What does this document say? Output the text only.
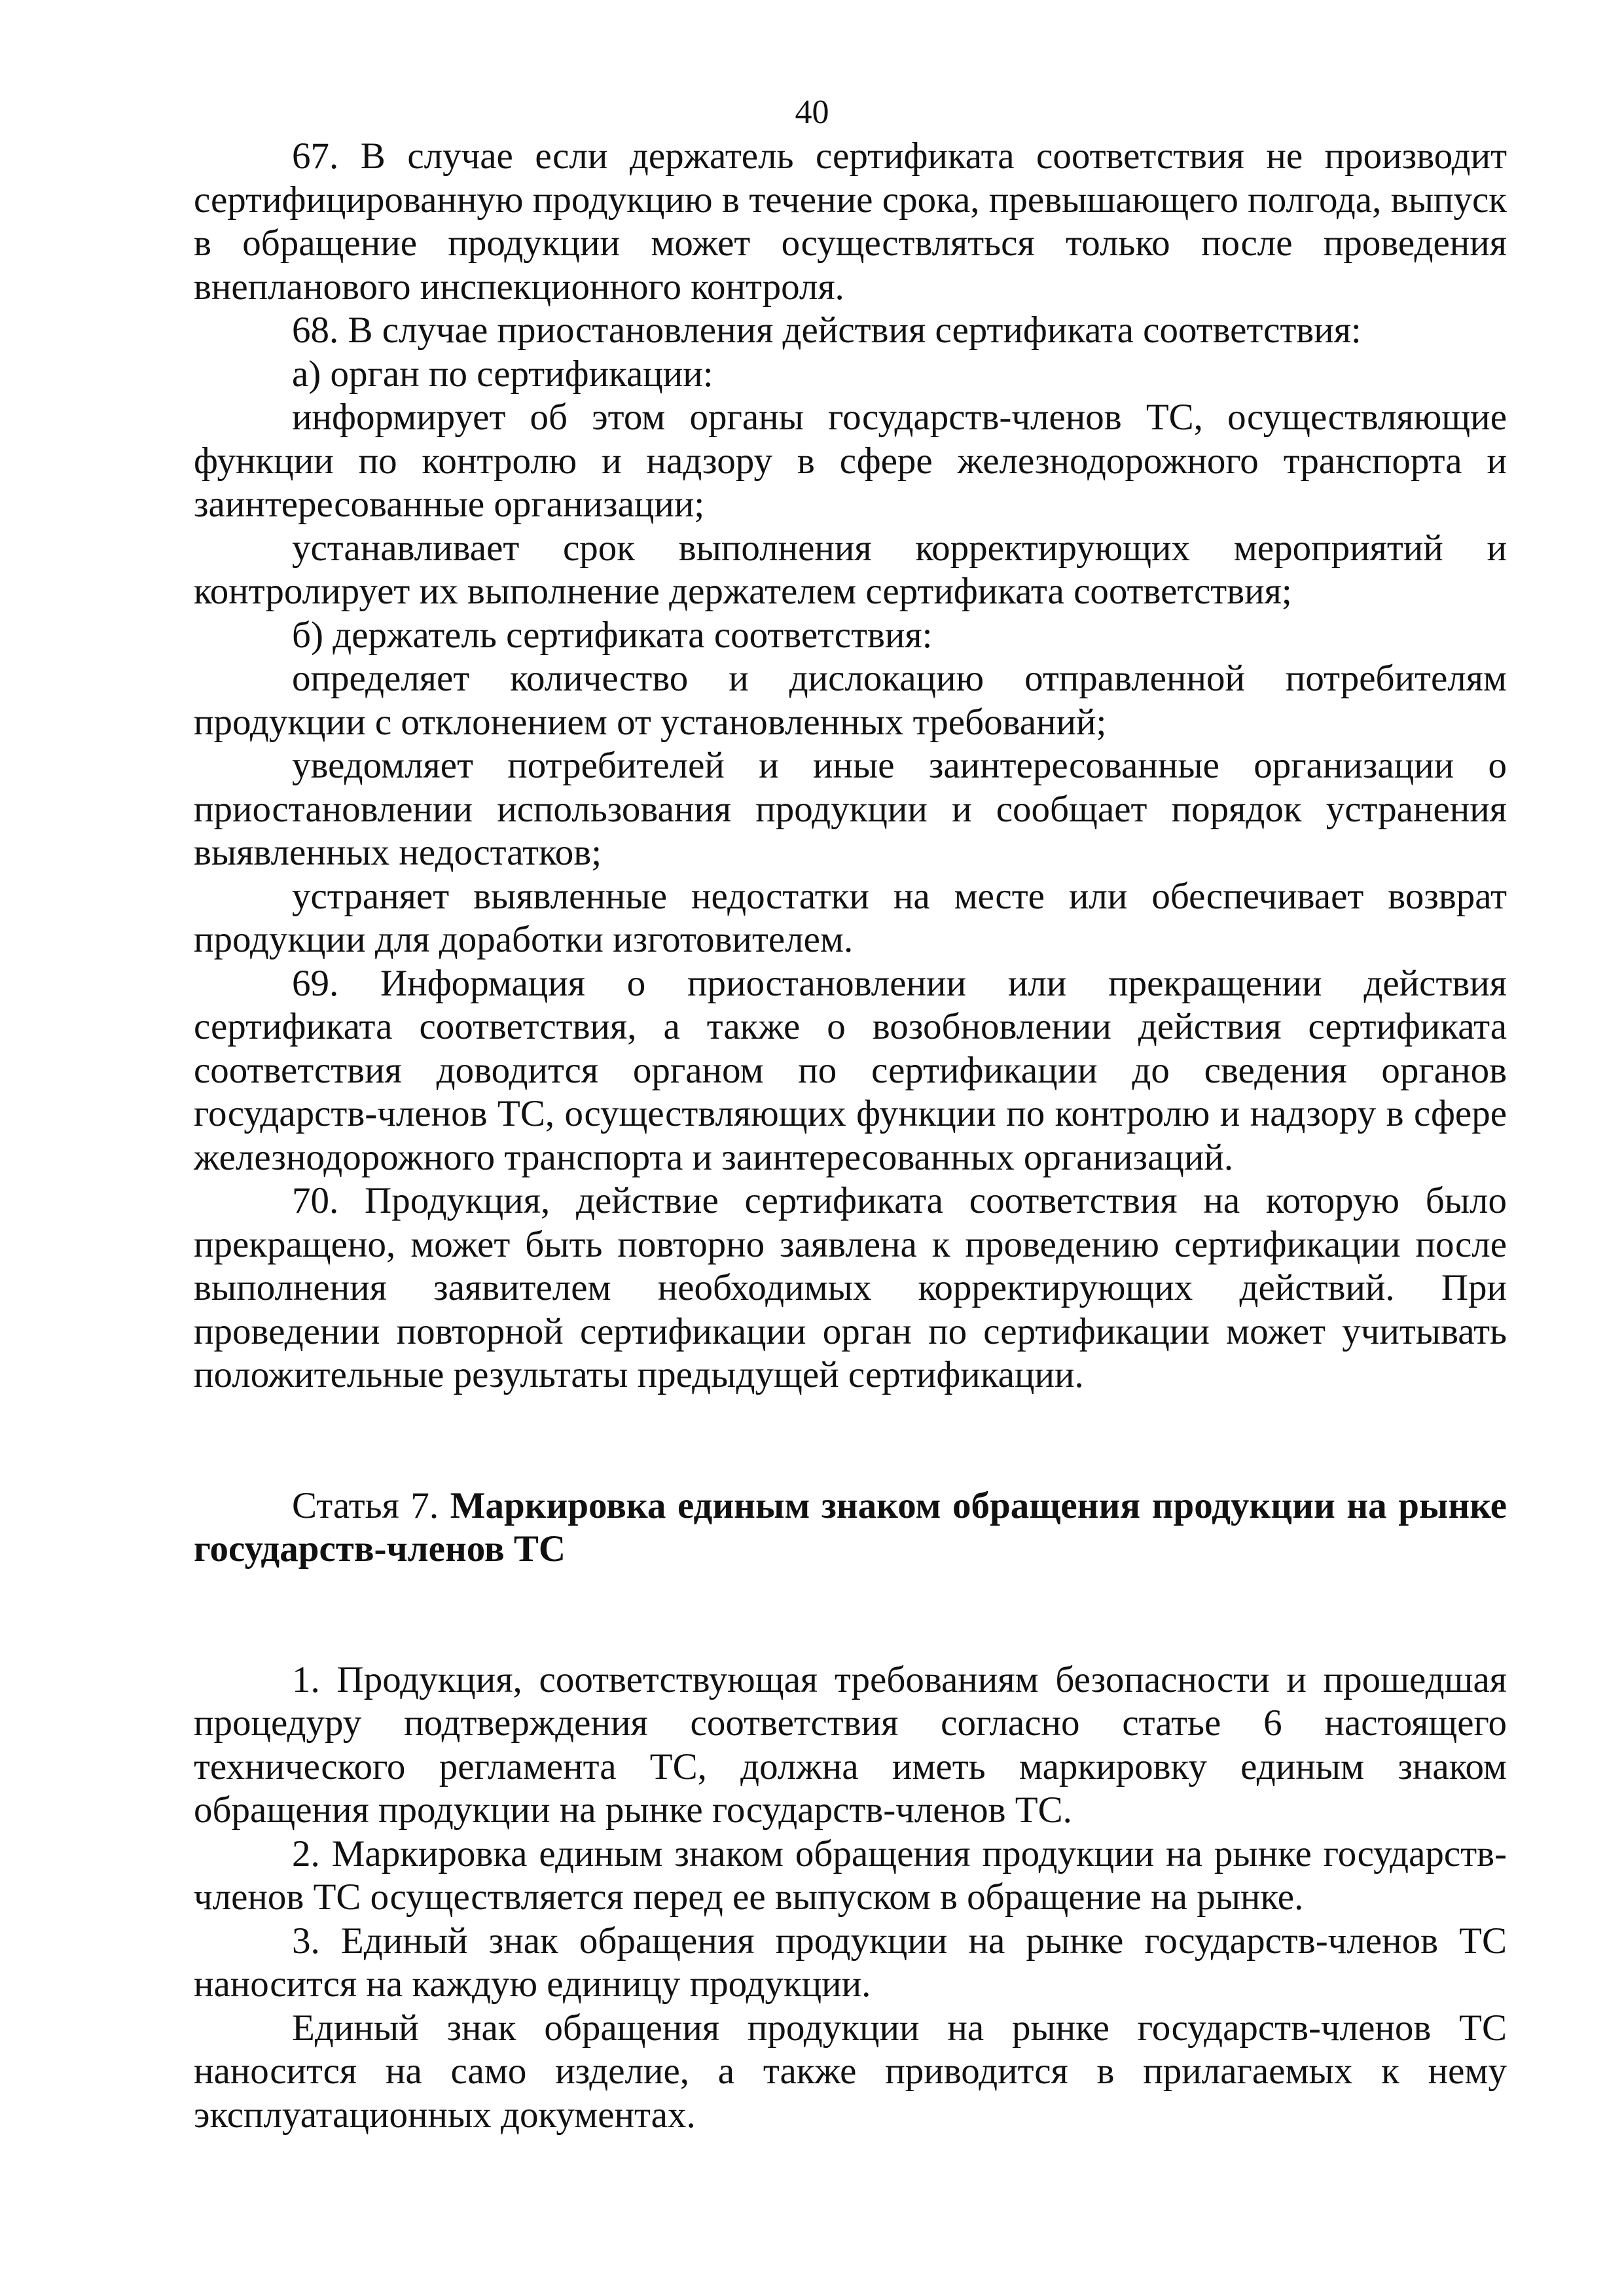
40

67. В случае если держатель сертификата соответствия не производит сертифицированную продукцию в течение срока, превышающего полгода, выпуск в обращение продукции может осуществляться только после проведения внепланового инспекционного контроля.

68. В случае приостановления действия сертификата соответствия:

а) орган по сертификации:

информирует об этом органы государств-членов ТС, осуществляющие функции по контролю и надзору в сфере железнодорожного транспорта и заинтересованные организации;

устанавливает срок выполнения корректирующих мероприятий и контролирует их выполнение держателем сертификата соответствия;

б) держатель сертификата соответствия:

определяет количество и дислокацию отправленной потребителям продукции с отклонением от установленных требований;

уведомляет потребителей и иные заинтересованные организации о приостановлении использования продукции и сообщает порядок устранения выявленных недостатков;

устраняет выявленные недостатки на месте или обеспечивает возврат продукции для доработки изготовителем.

69. Информация о приостановлении или прекращении действия сертификата соответствия, а также о возобновлении действия сертификата соответствия доводится органом по сертификации до сведения органов государств-членов ТС, осуществляющих функции по контролю и надзору в сфере железнодорожного транспорта и заинтересованных организаций.

70. Продукция, действие сертификата соответствия на которую было прекращено, может быть повторно заявлена к проведению сертификации после выполнения заявителем необходимых корректирующих действий. При проведении повторной сертификации орган по сертификации может учитывать положительные результаты предыдущей сертификации.

Статья 7. Маркировка единым знаком обращения продукции на рынке государств-членов ТС

1. Продукция, соответствующая требованиям безопасности и прошедшая процедуру подтверждения соответствия согласно статье 6 настоящего технического регламента ТС, должна иметь маркировку единым знаком обращения продукции на рынке государств-членов ТС.

2. Маркировка единым знаком обращения продукции на рынке государств-членов ТС осуществляется перед ее выпуском в обращение на рынке.

3. Единый знак обращения продукции на рынке государств-членов ТС наносится на каждую единицу продукции.

Единый знак обращения продукции на рынке государств-членов ТС наносится на само изделие, а также приводится в прилагаемых к нему эксплуатационных документах.
